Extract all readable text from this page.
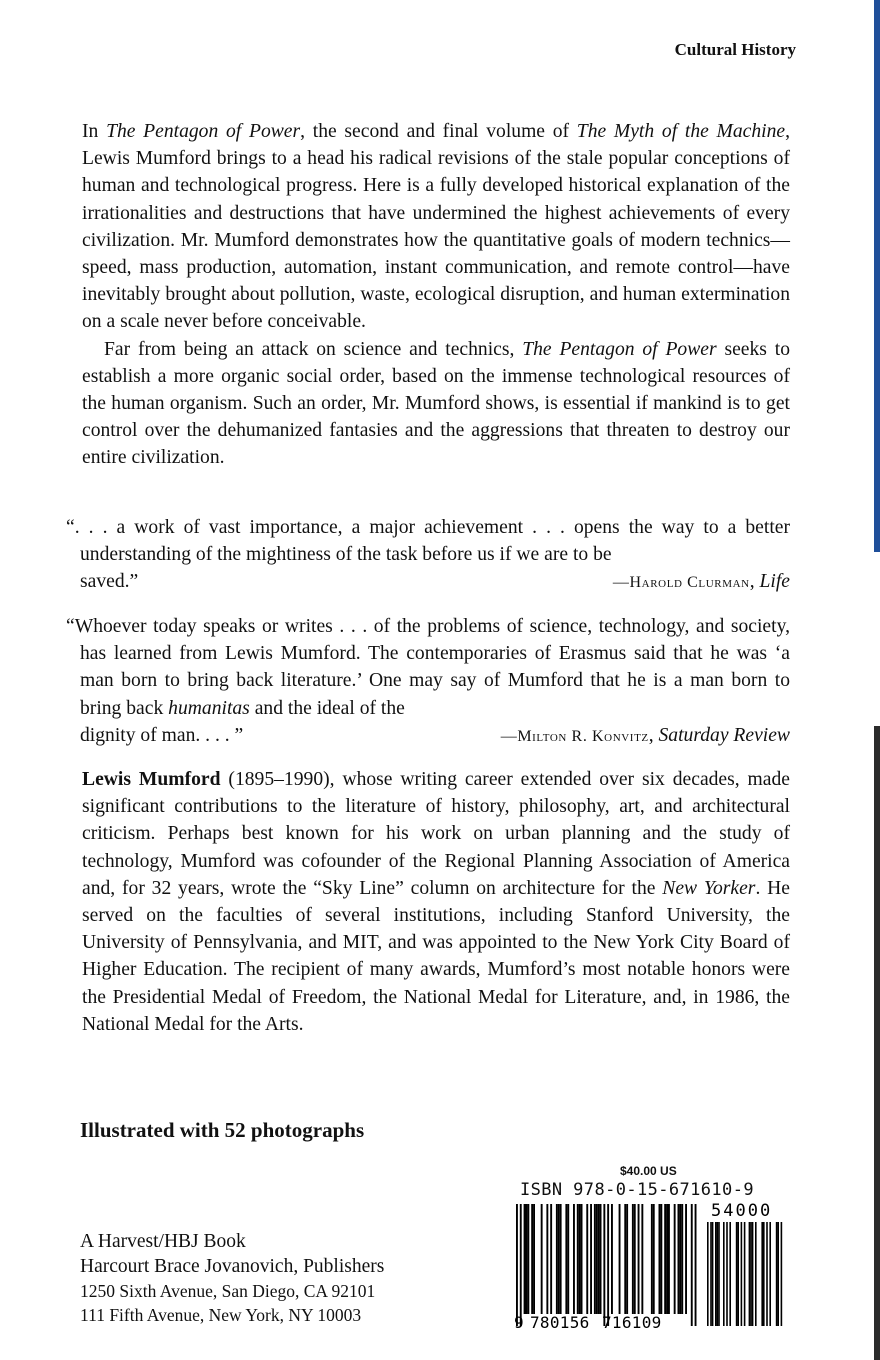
Cultural History

In The Pentagon of Power, the second and final volume of The Myth of the Machine, Lewis Mumford brings to a head his radical revisions of the stale popular conceptions of human and technological progress. Here is a fully developed historical explanation of the irrationalities and destructions that have undermined the highest achievements of every civilization. Mr. Mumford demonstrates how the quantitative goals of modern technics—speed, mass production, automation, instant communication, and remote control—have inevitably brought about pollution, waste, ecological disruption, and human extermination on a scale never before conceivable.

Far from being an attack on science and technics, The Pentagon of Power seeks to establish a more organic social order, based on the immense technological resources of the human organism. Such an order, Mr. Mumford shows, is essential if mankind is to get control over the dehumanized fantasies and the aggressions that threaten to destroy our entire civilization.

“. . . a work of vast importance, a major achievement . . . opens the way to a better understanding of the mightiness of the task before us if we are to be
saved.”	—Harold Clurman, Life
“Whoever today speaks or writes . . . of the problems of science, technology, and society, has learned from Lewis Mumford. The contemporaries of Erasmus said that he was ‘a man born to bring back literature.’ One may say of Mumford that he is a man born to bring back humanitas and the ideal of the
dignity of man. . . . ”	—Milton R. Konvitz, Saturday Review

Lewis Mumford (1895–1990), whose writing career extended over six decades, made significant contributions to the literature of history, philosophy, art, and architectural criticism. Perhaps best known for his work on urban planning and the study of technology, Mumford was cofounder of the Regional Planning Association of America and, for 32 years, wrote the “Sky Line” column on architecture for the New Yorker. He served on the faculties of several institutions, including Stanford University, the University of Pennsylvania, and MIT, and was appointed to the New York City Board of Higher Education. The recipient of many awards, Mumford’s most notable honors were the Presidential Medal of Freedom, the National Medal for Literature, and, in 1986, the National Medal for the Arts.

Illustrated with 52 photographs
A Harvest/HBJ Book
Harcourt Brace Jovanovich, Publishers
1250 Sixth Avenue, San Diego, CA 92101
111 Fifth Avenue, New York, NY 10003
$40.00 US
ISBN 978-0-15-671610-9
9 780156 716109
54000
